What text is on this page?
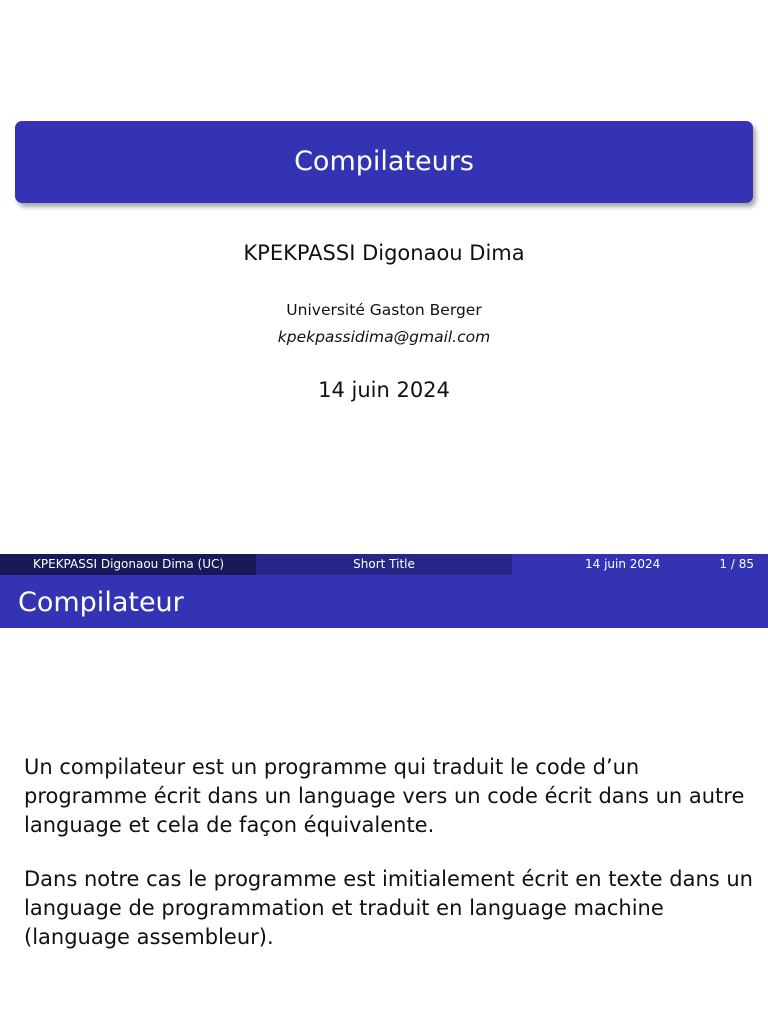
Compilateurs
KPEKPASSI Digonaou Dima
Université Gaston Berger
kpekpassidima@gmail.com
14 juin 2024
KPEKPASSI Digonaou Dima (UC)	Short Title	14 juin 2024	1 / 85
Compilateur
Un compilateur est un programme qui traduit le code d’un programme écrit dans un language vers un code écrit dans un autre language et cela de façon équivalente.
Dans notre cas le programme est imitialement écrit en texte dans un language de programmation et traduit en language machine (language assembleur).
